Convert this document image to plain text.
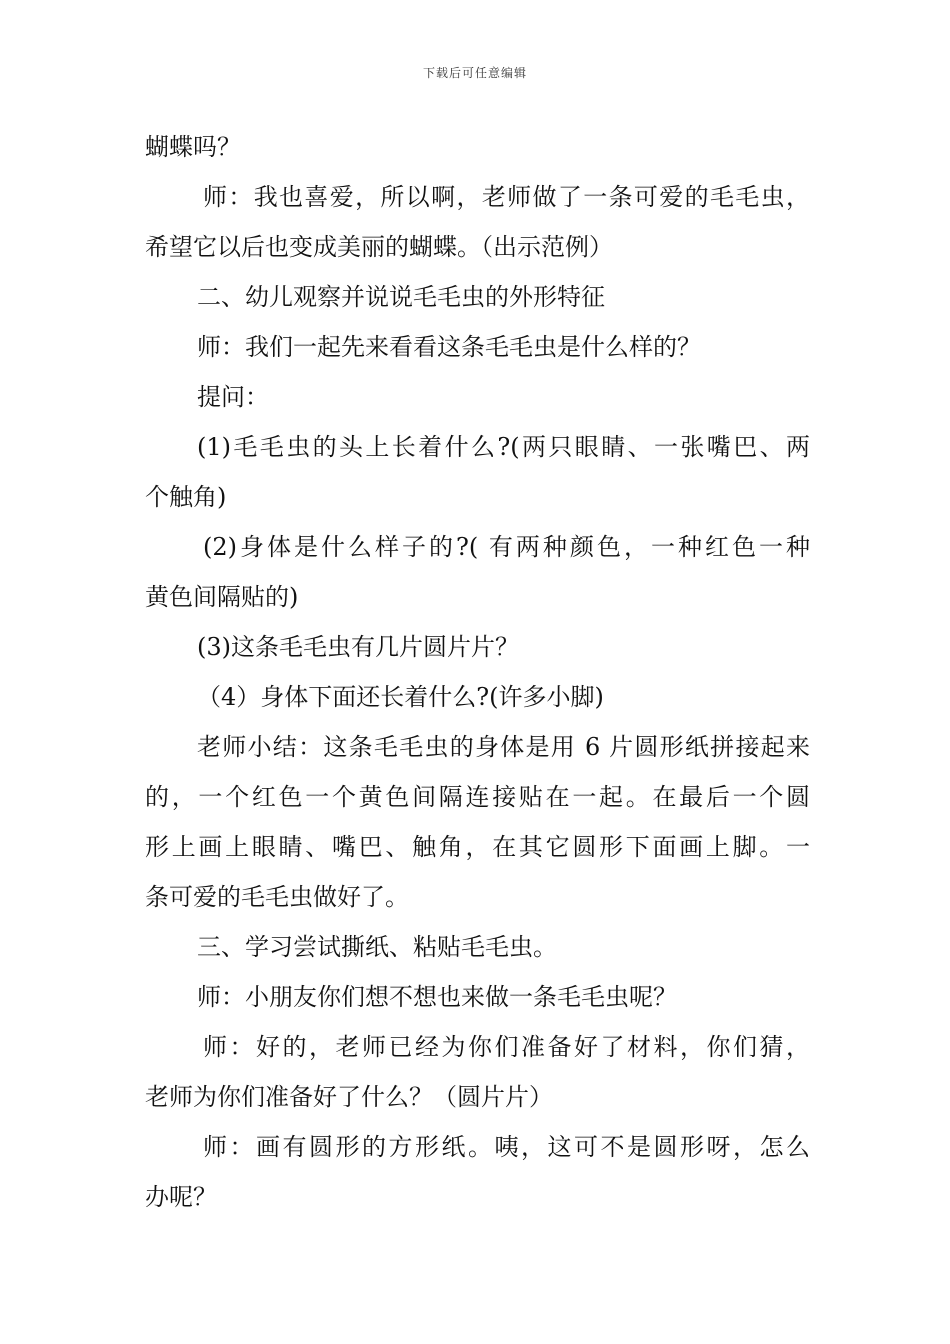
下载后可任意编辑
蝴蝶吗？
师：我也喜爱，所以啊，老师做了一条可爱的毛毛虫，
希望它以后也变成美丽的蝴蝶。（出示范例）
二、幼儿观察并说说毛毛虫的外形特征
师：我们一起先来看看这条毛毛虫是什么样的？
提问：
(1)毛毛虫的头上长着什么?(两只眼睛、一张嘴巴、两
个触角)
(2)身体是什么样子的?( 有两种颜色，一种红色一种
黄色间隔贴的)
(3)这条毛毛虫有几片圆片片？
（4）身体下面还长着什么?(许多小脚)
老师小结：这条毛毛虫的身体是用 6 片圆形纸拼接起来
的，一个红色一个黄色间隔连接贴在一起。在最后一个圆
形上画上眼睛、嘴巴、触角，在其它圆形下面画上脚。一
条可爱的毛毛虫做好了。
三、学习尝试撕纸、粘贴毛毛虫。
师：小朋友你们想不想也来做一条毛毛虫呢？
师：好的，老师已经为你们准备好了材料，你们猜，
老师为你们准备好了什么？（圆片片）
师：画有圆形的方形纸。咦，这可不是圆形呀，怎么
办呢？
